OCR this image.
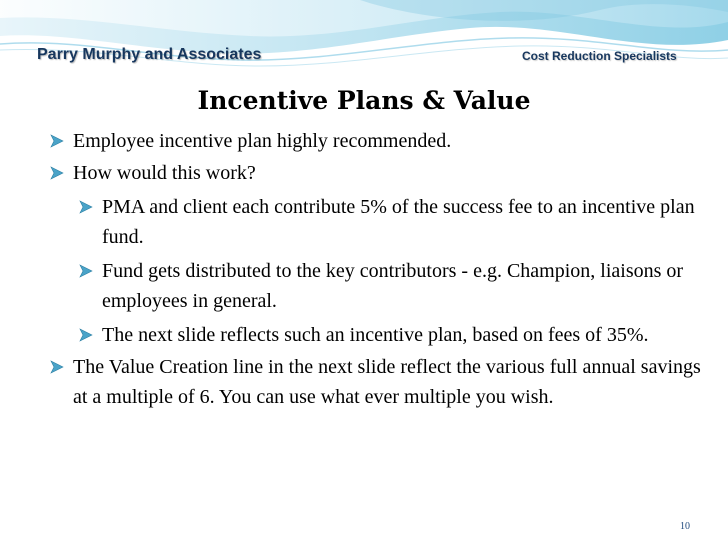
Parry Murphy and Associates	Cost Reduction Specialists
Incentive Plans & Value
Employee incentive plan highly recommended.
How would this work?
PMA and client each contribute 5% of the success fee to an incentive plan fund.
Fund gets distributed to the key contributors - e.g. Champion, liaisons or employees in general.
The next slide reflects such an incentive plan, based on fees of 35%.
The Value Creation line in the next slide reflect the various full annual savings at a multiple of 6. You can use what ever multiple you wish.
10
